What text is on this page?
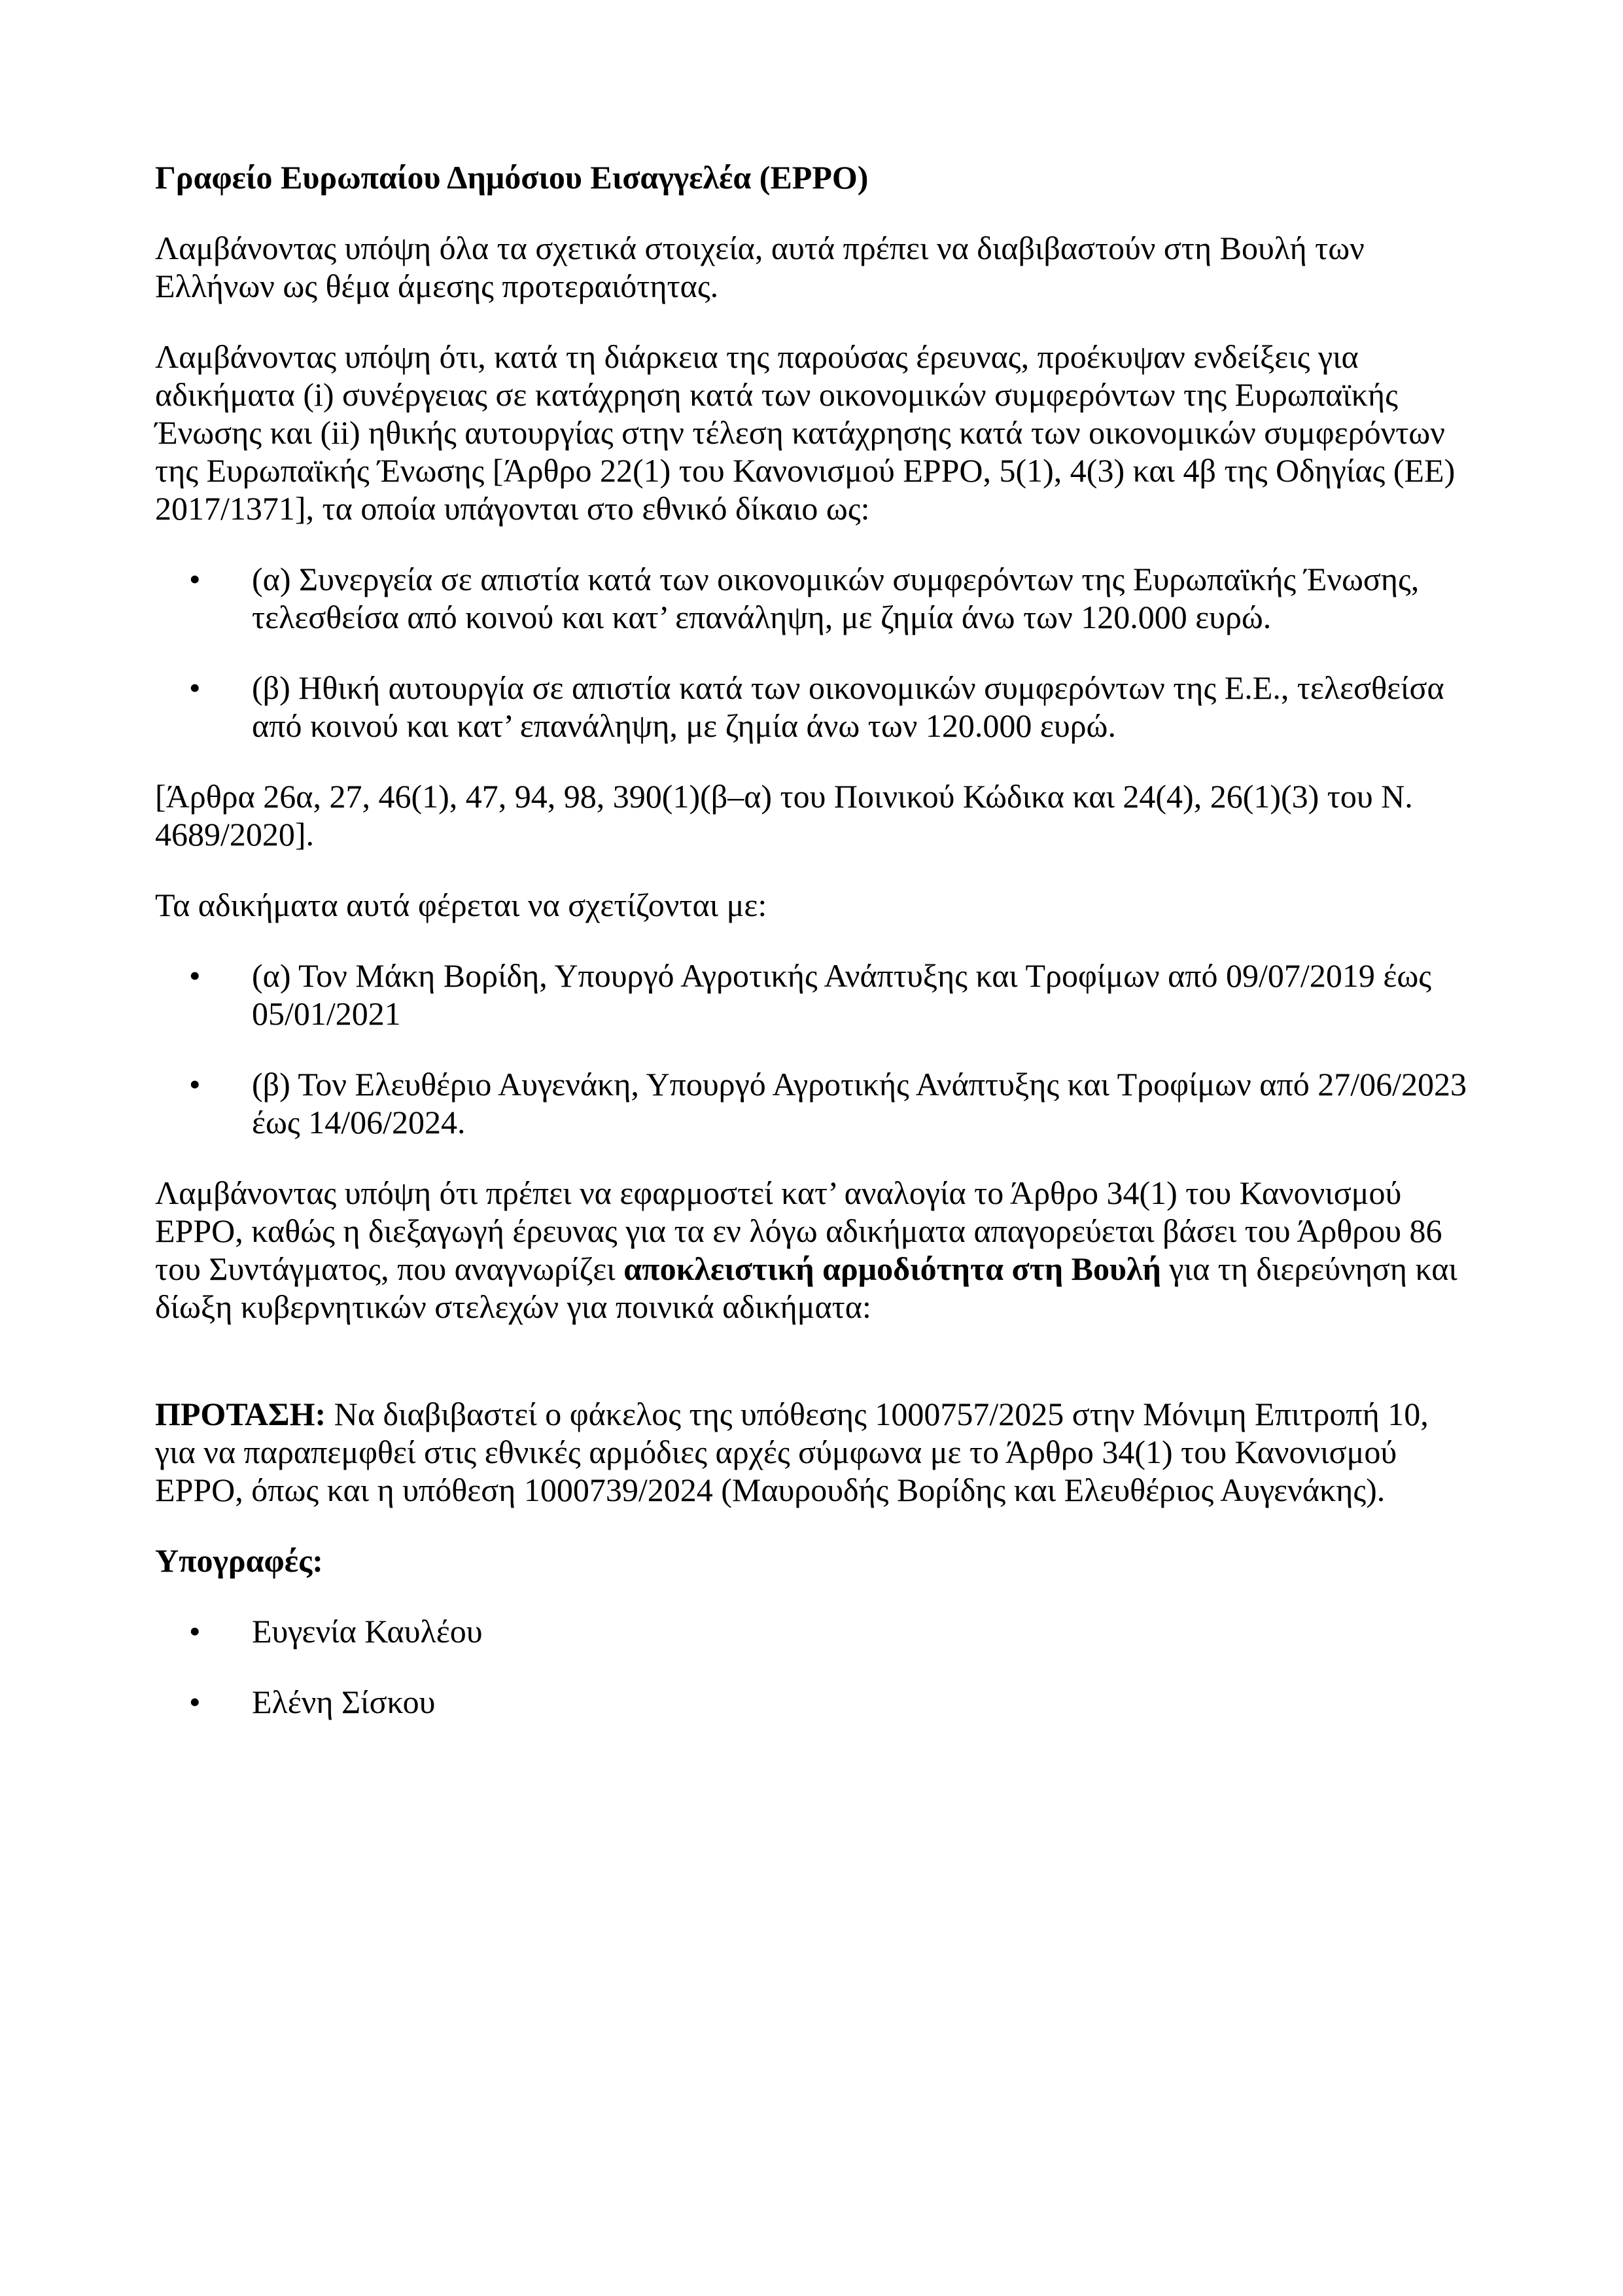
Γραφείο Ευρωπαίου Δημόσιου Εισαγγελέα (EPPO)

Λαμβάνοντας υπόψη όλα τα σχετικά στοιχεία, αυτά πρέπει να διαβιβαστούν στη Βουλή των Ελλήνων ως θέμα άμεσης προτεραιότητας.

Λαμβάνοντας υπόψη ότι, κατά τη διάρκεια της παρούσας έρευνας, προέκυψαν ενδείξεις για αδικήματα (i) συνέργειας σε κατάχρηση κατά των οικονομικών συμφερόντων της Ευρωπαϊκής Ένωσης και (ii) ηθικής αυτουργίας στην τέλεση κατάχρησης κατά των οικονομικών συμφερόντων της Ευρωπαϊκής Ένωσης [Άρθρο 22(1) του Κανονισμού EPPO, 5(1), 4(3) και 4β της Οδηγίας (ΕΕ) 2017/1371], τα οποία υπάγονται στο εθνικό δίκαιο ως:

• (α) Συνεργεία σε απιστία κατά των οικονομικών συμφερόντων της Ευρωπαϊκής Ένωσης, τελεσθείσα από κοινού και κατ’ επανάληψη, με ζημία άνω των 120.000 ευρώ.
• (β) Ηθική αυτουργία σε απιστία κατά των οικονομικών συμφερόντων της Ε.Ε., τελεσθείσα από κοινού και κατ’ επανάληψη, με ζημία άνω των 120.000 ευρώ.

[Άρθρα 26α, 27, 46(1), 47, 94, 98, 390(1)(β–α) του Ποινικού Κώδικα και 24(4), 26(1)(3) του Ν. 4689/2020].

Τα αδικήματα αυτά φέρεται να σχετίζονται με:

• (α) Τον Μάκη Βορίδη, Υπουργό Αγροτικής Ανάπτυξης και Τροφίμων από 09/07/2019 έως 05/01/2021
• (β) Τον Ελευθέριο Αυγενάκη, Υπουργό Αγροτικής Ανάπτυξης και Τροφίμων από 27/06/2023 έως 14/06/2024.

Λαμβάνοντας υπόψη ότι πρέπει να εφαρμοστεί κατ’ αναλογία το Άρθρο 34(1) του Κανονισμού EPPO, καθώς η διεξαγωγή έρευνας για τα εν λόγω αδικήματα απαγορεύεται βάσει του Άρθρου 86 του Συντάγματος, που αναγνωρίζει αποκλειστική αρμοδιότητα στη Βουλή για τη διερεύνηση και δίωξη κυβερνητικών στελεχών για ποινικά αδικήματα:

ΠΡΟΤΑΣΗ: Να διαβιβαστεί ο φάκελος της υπόθεσης 1000757/2025 στην Μόνιμη Επιτροπή 10, για να παραπεμφθεί στις εθνικές αρμόδιες αρχές σύμφωνα με το Άρθρο 34(1) του Κανονισμού EPPO, όπως και η υπόθεση 1000739/2024 (Μαυρουδής Βορίδης και Ελευθέριος Αυγενάκης).

Υπογραφές:

• Ευγενία Καυλέου
• Ελένη Σίσκου
